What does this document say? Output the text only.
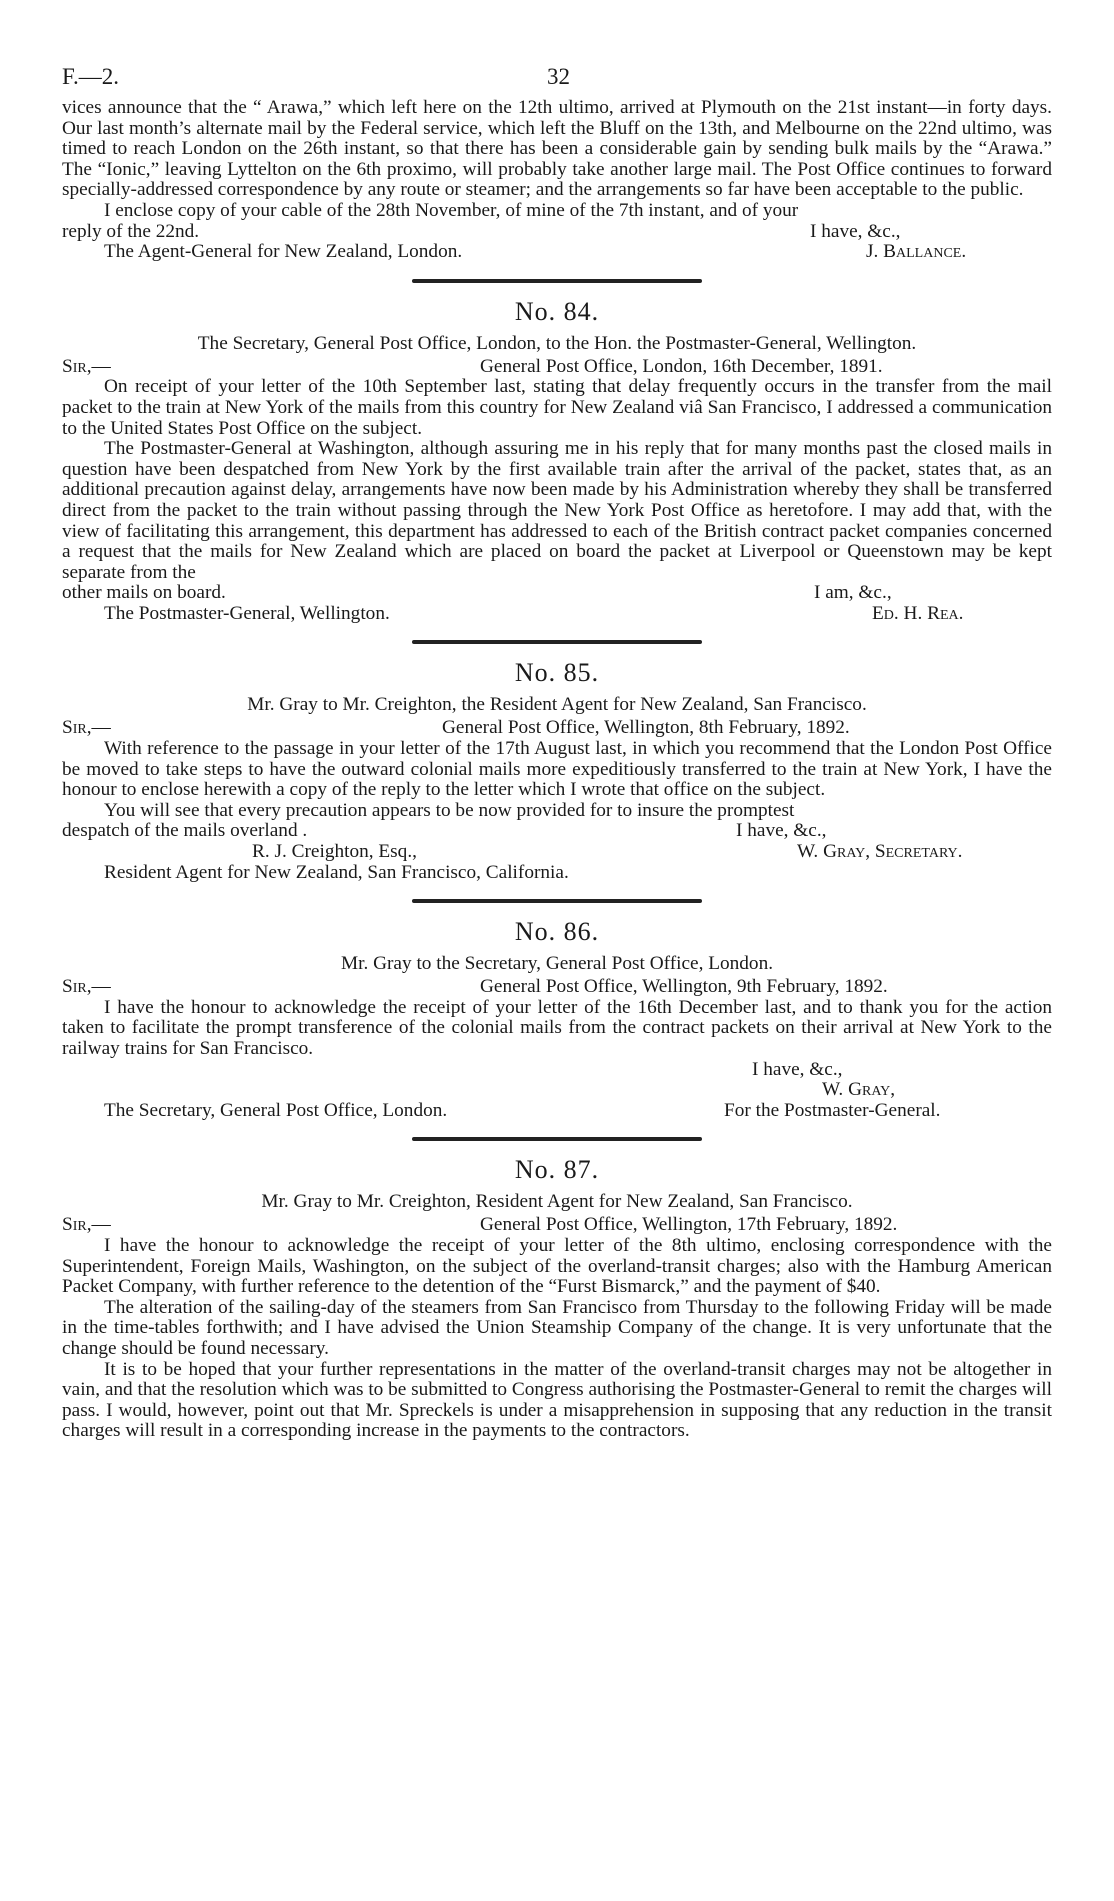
F.—2.	32

vices announce that the “ Arawa,” which left here on the 12th ultimo, arrived at Plymouth on the 21st instant—in forty days. Our last month’s alternate mail by the Federal service, which left the Bluff on the 13th, and Melbourne on the 22nd ultimo, was timed to reach London on the 26th instant, so that there has been a considerable gain by sending bulk mails by the “Arawa.” The “Ionic,” leaving Lyttelton on the 6th proximo, will probably take another large mail. The Post Office continues to forward specially-addressed correspondence by any route or steamer; and the arrangements so far have been acceptable to the public.

I enclose copy of your cable of the 28th November, of mine of the 7th instant, and of your

reply of the 22nd.	I have, &c.,
The Agent-General for New Zealand, London.	J. Ballance.
No. 84.
The Secretary, General Post Office, London, to the Hon. the Postmaster-General, Wellington.
Sir,—	General Post Office, London, 16th December, 1891.

On receipt of your letter of the 10th September last, stating that delay frequently occurs in the transfer from the mail packet to the train at New York of the mails from this country for New Zealand viâ San Francisco, I addressed a communication to the United States Post Office on the subject.

The Postmaster-General at Washington, although assuring me in his reply that for many months past the closed mails in question have been despatched from New York by the first available train after the arrival of the packet, states that, as an additional precaution against delay, arrangements have now been made by his Administration whereby they shall be transferred direct from the packet to the train without passing through the New York Post Office as heretofore. I may add that, with the view of facilitating this arrangement, this department has addressed to each of the British contract packet companies concerned a request that the mails for New Zealand which are placed on board the packet at Liverpool or Queenstown may be kept separate from the

other mails on board.	I am, &c.,
The Postmaster-General, Wellington.	Ed. H. Rea.
No. 85.
Mr. Gray to Mr. Creighton, the Resident Agent for New Zealand, San Francisco.
Sir,—	General Post Office, Wellington, 8th February, 1892.

With reference to the passage in your letter of the 17th August last, in which you recommend that the London Post Office be moved to take steps to have the outward colonial mails more expeditiously transferred to the train at New York, I have the honour to enclose herewith a copy of the reply to the letter which I wrote that office on the subject.

You will see that every precaution appears to be now provided for to insure the promptest

despatch of the mails overland .	I have, &c.,
R. J. Creighton, Esq.,	W. Gray, Secretary.
Resident Agent for New Zealand, San Francisco, California.
No. 86.
Mr. Gray to the Secretary, General Post Office, London.
Sir,—	General Post Office, Wellington, 9th February, 1892.

I have the honour to acknowledge the receipt of your letter of the 16th December last, and to thank you for the action taken to facilitate the prompt transference of the colonial mails from the contract packets on their arrival at New York to the railway trains for San Francisco.

I have, &c.,
W. Gray,
The Secretary, General Post Office, London.	For the Postmaster-General.
No. 87.
Mr. Gray to Mr. Creighton, Resident Agent for New Zealand, San Francisco.
Sir,—	General Post Office, Wellington, 17th February, 1892.

I have the honour to acknowledge the receipt of your letter of the 8th ultimo, enclosing correspondence with the Superintendent, Foreign Mails, Washington, on the subject of the overland-transit charges; also with the Hamburg American Packet Company, with further reference to the detention of the “Furst Bismarck,” and the payment of $40.

The alteration of the sailing-day of the steamers from San Francisco from Thursday to the following Friday will be made in the time-tables forthwith; and I have advised the Union Steamship Company of the change. It is very unfortunate that the change should be found necessary.

It is to be hoped that your further representations in the matter of the overland-transit charges may not be altogether in vain, and that the resolution which was to be submitted to Congress authorising the Postmaster-General to remit the charges will pass. I would, however, point out that Mr. Spreckels is under a misapprehension in supposing that any reduction in the transit charges will result in a corresponding increase in the payments to the contractors.
